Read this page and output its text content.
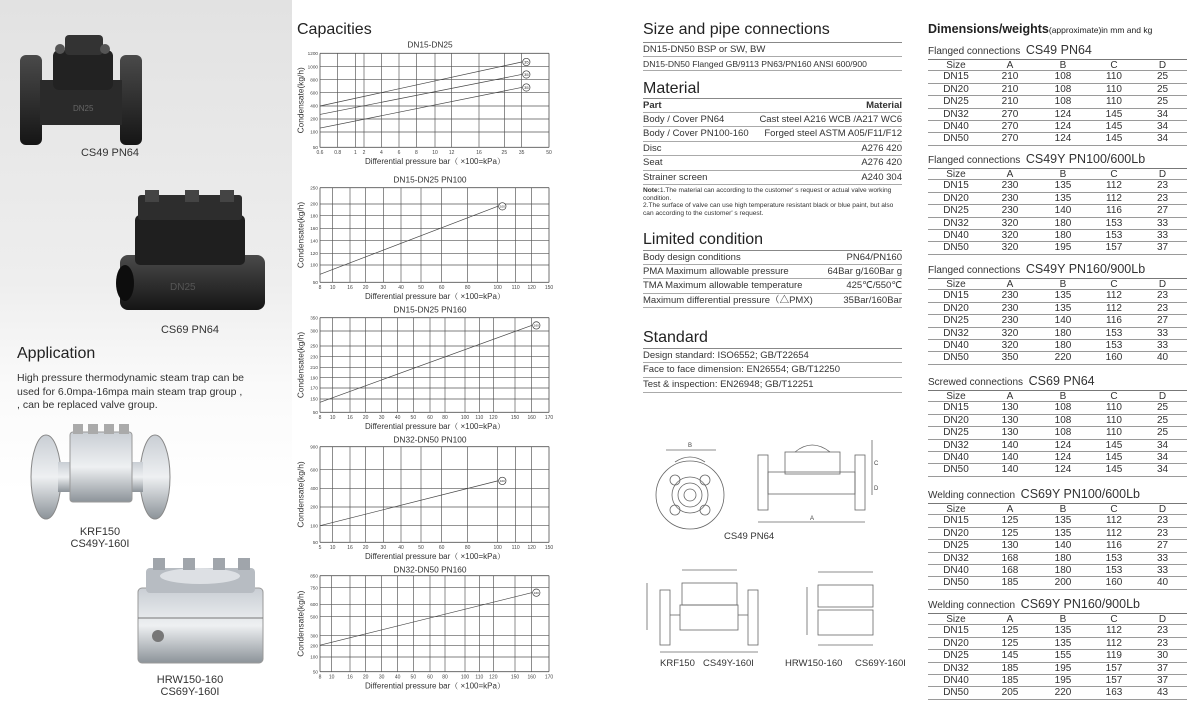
DN25
CS49 PN64
DN25
CS69 PN64
Application
High pressure thermodynamic steam trap can be
used for 6.0mpa-16mpa main steam trap group ,
, can be replaced valve group.
KRF150
CS49Y-160I
HRW150-160
CS69Y-160I
Capacities
DN15-DN25
0.6 0.8 1 2 4 6 8 10 12 16 25 35 50
1200
1000
800
600
400
200
100
50
Differential pressure bar（ ×100=kPa）
Condensate(kg/h)
35
35
35
DN15-DN25 PN100
8 10 16 20 30 40 50 60 80 100 110 120 150
250
200
180
160
140
120
100
50
Differential pressure bar（ ×100=kPa）
Condensate(kg/h)	100
DN15-DN25 PN160
8 10 16 20 30 40 50 60 80 100 110 120 150 160 170
350
300
250
230
210
190
170
150
50
Differential pressure bar（ ×100=kPa）
Condensate(kg/h)
160
DN32-DN50 PN100
5 10 16 20 30 40 50 60 80 100 110 120 150
900
600
400
200
100
50
Differential pressure bar（ ×100=kPa）
Condensate(kg/h)	100
DN32-DN50 PN160
8 10 16 20 30 40 50 60 80 100 110 120 150 160 170
850
750
600
500
300
200
100
50
Differential pressure bar（ ×100=kPa）
Condensate(kg/h)	160
Size and pipe connections
DN15-DN50 BSP or SW, BW
DN15-DN50 Flanged GB/9113 PN63/PN160 ANSI 600/900
Material
Part	Material
Body / Cover PN64	Cast steel A216 WCB /A217 WC6
Body / Cover PN100-160 Forged steel ASTM A05/F11/F12
Disc	A276 420
Seat	A276 420
Strainer screen	A240 304
Note:1.The material can according to the customer' s request or actual valve working condition.
2.The surface of valve can use high temperature resistant black or blue paint, but also can according to the customer' s request.
Limited condition
Body design conditions	PN64/PN160
PMA Maximum allowable pressure	64Bar g/160Bar g
TMA Maximum allowable temperature	425℃/550℃
Maximum differential pressure（△PMX)	35Bar/160Bar
Standard
Design standard: ISO6552; GB/T22654
Face to face dimension: EN26554; GB/T12250
Test & inspection: EN26948; GB/T12251
B
A
C
D
CS49 PN64
KRF150 CS49Y-160I	HRW150-160 CS69Y-160I
Dimensions/weights(approximate)in mm and kg
Flanged connections CS49 PN64
Size	A	B	C	D
DN15	210	108	110	25
DN20	210	108	110	25
DN25	210	108	110	25
DN32	270	124	145	34
DN40	270	124	145	34
DN50	270	124	145	34
Flanged connections CS49Y PN100/600Lb
Size	A	B	C	D
DN15	230	135	112	23
DN20	230	135	112	23
DN25	230	140	116	27
DN32	320	180	153	33
DN40	320	180	153	33
DN50	320	195	157	37
Flanged connections CS49Y PN160/900Lb
Size	A	B	C	D
DN15	230	135	112	23
DN20	230	135	112	23
DN25	230	140	116	27
DN32	320	180	153	33
DN40	320	180	153	33
DN50	350	220	160	40
Screwed connections CS69 PN64
Size	A	B	C	D
DN15	130	108	110	25
DN20	130	108	110	25
DN25	130	108	110	25
DN32	140	124	145	34
DN40	140	124	145	34
DN50	140	124	145	34
Welding connection CS69Y PN100/600Lb
Size	A	B	C	D
DN15	125	135	112	23
DN20	125	135	112	23
DN25	130	140	116	27
DN32	168	180	153	33
DN40	168	180	153	33
DN50	185	200	160	40
Welding connection CS69Y PN160/900Lb
Size	A	B	C	D
DN15	125	135	112	23
DN20	125	135	112	23
DN25	145	155	119	30
DN32	185	195	157	37
DN40	185	195	157	37
DN50	205	220	163	43
